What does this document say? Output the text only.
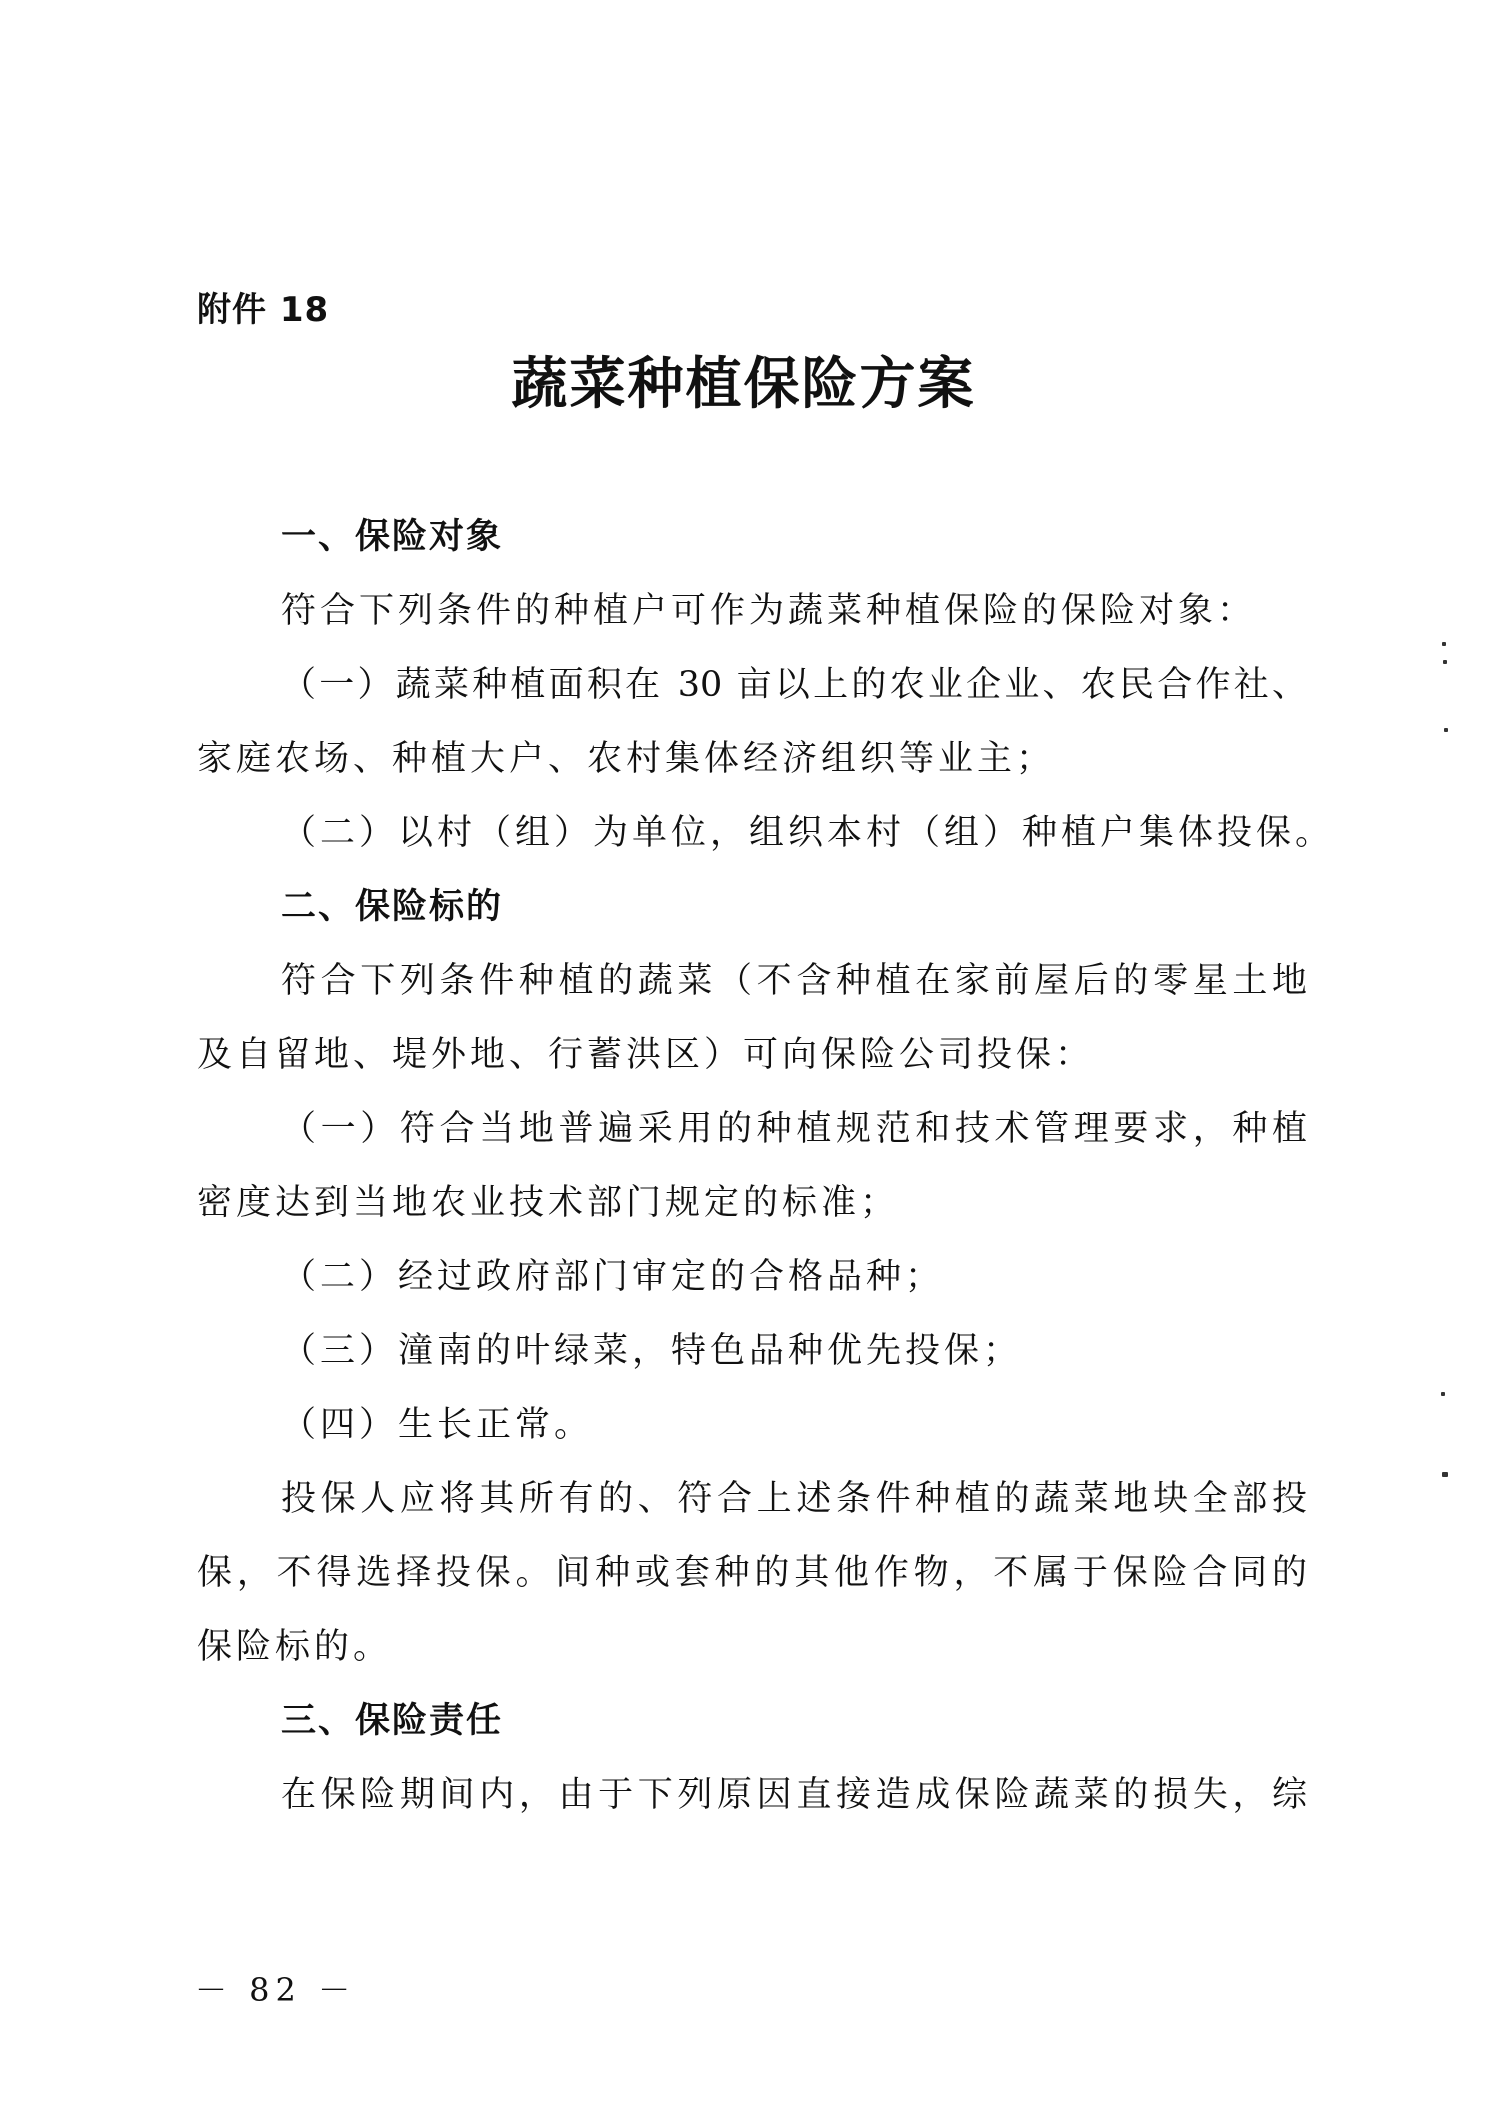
附件 18
蔬菜种植保险方案
一、保险对象
符合下列条件的种植户可作为蔬菜种植保险的保险对象：
（一）蔬菜种植面积在 30 亩以上的农业企业、农民合作社、
家庭农场、种植大户、农村集体经济组织等业主；
（二）以村（组）为单位，组织本村（组）种植户集体投保。
二、保险标的
符合下列条件种植的蔬菜（不含种植在家前屋后的零星土地
及自留地、堤外地、行蓄洪区）可向保险公司投保：
（一）符合当地普遍采用的种植规范和技术管理要求，种植
密度达到当地农业技术部门规定的标准；
（二）经过政府部门审定的合格品种；
（三）潼南的叶绿菜，特色品种优先投保；
（四）生长正常。
投保人应将其所有的、符合上述条件种植的蔬菜地块全部投
保，不得选择投保。间种或套种的其他作物，不属于保险合同的
保险标的。
三、保险责任
在保险期间内，由于下列原因直接造成保险蔬菜的损失，综
－ 82 －
